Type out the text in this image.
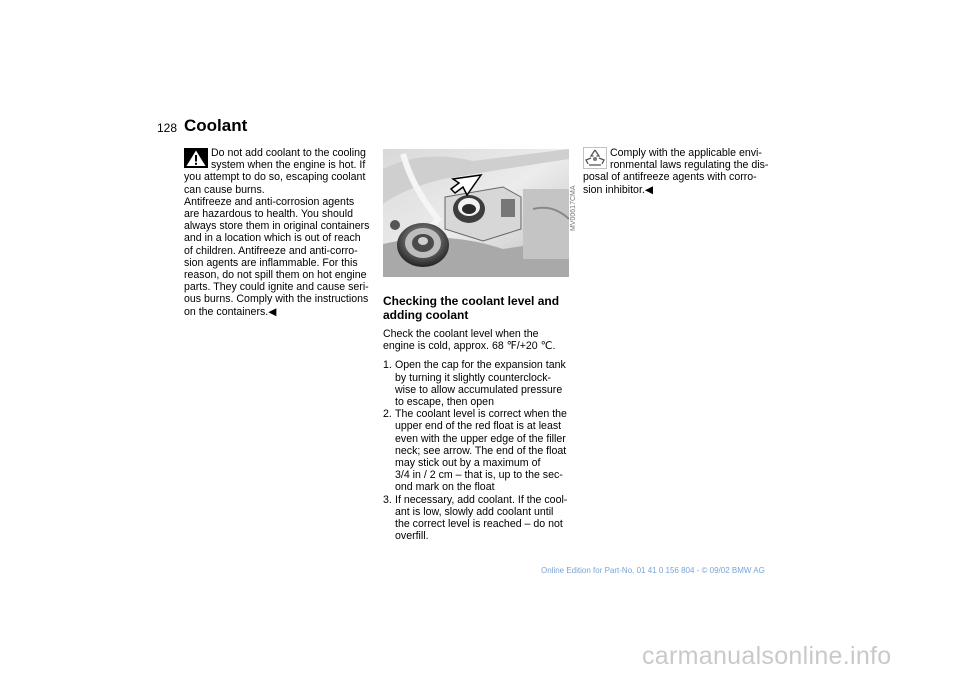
128 Coolant
Do not add coolant to the cooling
system when the engine is hot. If
you attempt to do so, escaping coolant
can cause burns.
Antifreeze and anti-corrosion agents
are hazardous to health. You should
always store them in original containers
and in a location which is out of reach
of children. Antifreeze and anti-corro-
sion agents are inflammable. For this
reason, do not spill them on hot engine
parts. They could ignite and cause seri-
ous burns. Comply with the instructions
on the containers.◀
MV00617CMA
Checking the coolant level and
adding coolant
Check the coolant level when the
engine is cold, approx. 68 ℉/+20 ℃.
1. Open the cap for the expansion tank
by turning it slightly counterclock-
wise to allow accumulated pressure
to escape, then open
2. The coolant level is correct when the
upper end of the red float is at least
even with the upper edge of the filler
neck; see arrow. The end of the float
may stick out by a maximum of
3/4 in / 2 cm – that is, up to the sec-
ond mark on the float
3. If necessary, add coolant. If the cool-
ant is low, slowly add coolant until
the correct level is reached – do not
overfill.
Comply with the applicable envi-
ronmental laws regulating the dis-
posal of antifreeze agents with corro-
sion inhibitor.◀
Online Edition for Part-No. 01 41 0 156 804 - © 09/02 BMW AG
carmanualsonline.info
